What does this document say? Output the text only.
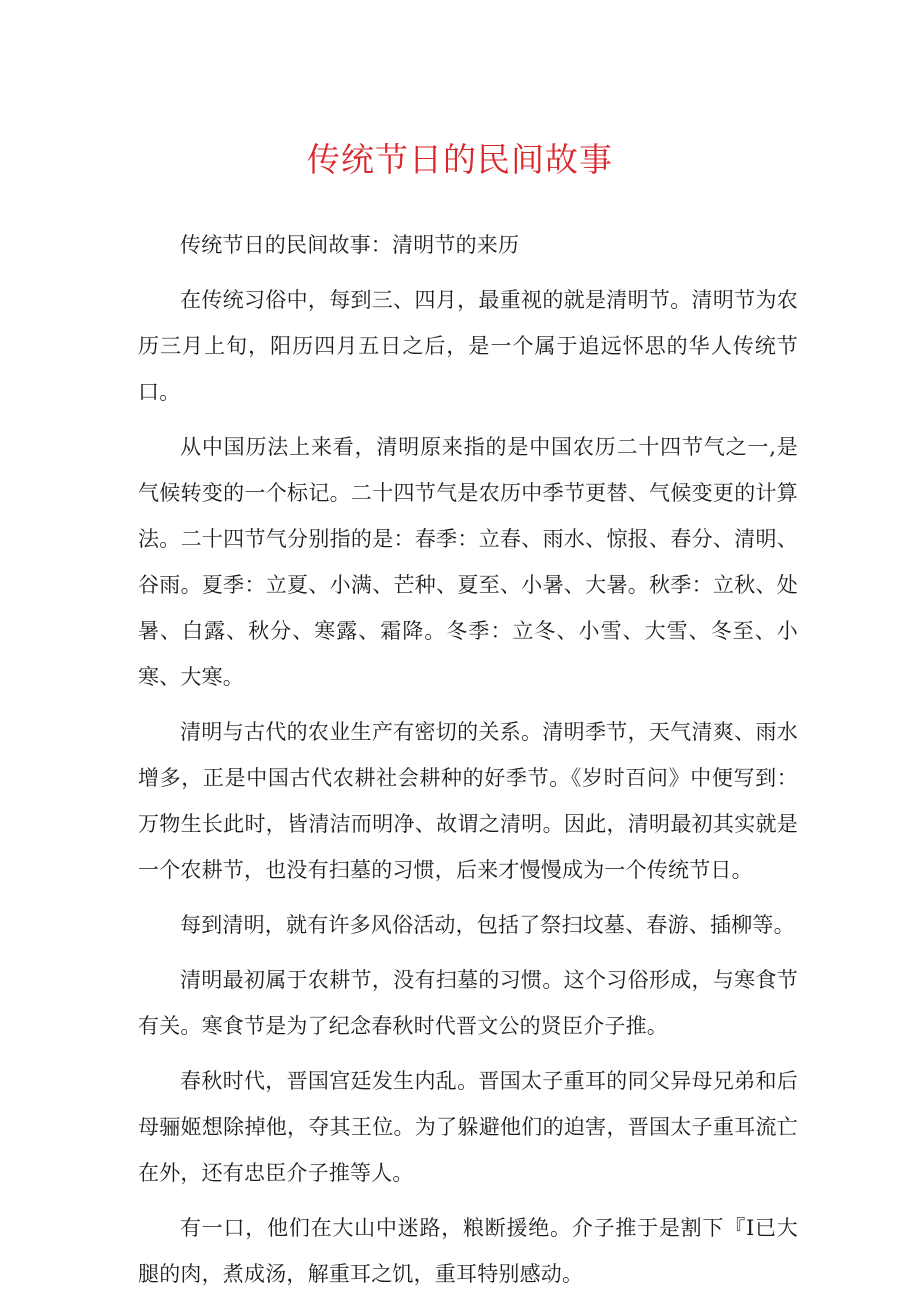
传统节日的民间故事

传统节日的民间故事：清明节的来历

在传统习俗中，每到三、四月，最重视的就是清明节。清明节为农历三月上旬，阳历四月五日之后，是一个属于追远怀思的华人传统节口。

从中国历法上来看，清明原来指的是中国农历二十四节气之一,是气候转变的一个标记。二十四节气是农历中季节更替、气候变更的计算法。二十四节气分别指的是：春季：立春、雨水、惊报、春分、清明、谷雨。夏季：立夏、小满、芒种、夏至、小暑、大暑。秋季：立秋、处暑、白露、秋分、寒露、霜降。冬季：立冬、小雪、大雪、冬至、小寒、大寒。

清明与古代的农业生产有密切的关系。清明季节，天气清爽、雨水增多，正是中国古代农耕社会耕种的好季节。《岁时百问》中便写到：万物生长此时，皆清洁而明净、故谓之清明。因此，清明最初其实就是一个农耕节，也没有扫墓的习惯，后来才慢慢成为一个传统节日。

每到清明，就有许多风俗活动，包括了祭扫坟墓、春游、插柳等。

清明最初属于农耕节，没有扫墓的习惯。这个习俗形成，与寒食节有关。寒食节是为了纪念春秋时代晋文公的贤臣介子推。

春秋时代，晋国宫廷发生内乱。晋国太子重耳的同父异母兄弟和后母骊姬想除掉他，夺其王位。为了躲避他们的迫害，晋国太子重耳流亡在外，还有忠臣介子推等人。

有一口，他们在大山中迷路，粮断援绝。介子推于是割下『I已大腿的肉，煮成汤，解重耳之饥，重耳特别感动。
